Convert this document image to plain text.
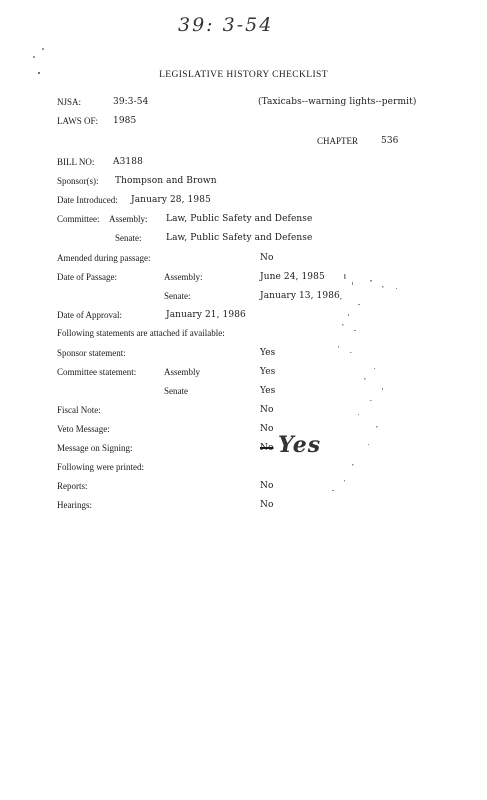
39: 3-54
LEGISLATIVE HISTORY CHECKLIST
NJSA:	39:3-54	(Taxicabs--warning lights--permit)
LAWS OF: 1985
CHAPTER	536
BILL NO: A3188
Sponsor(s): Thompson and Brown
Date Introduced: January 28, 1985
Committee: Assembly: Law, Public Safety and Defense
Senate:	Law, Public Safety and Defense
Amended during passage:	No
Date of Passage:	Assembly:	June 24, 1985
Senate:	January 13, 1986
Date of Approval:	January 21, 1986
Following statements are attached if available:
Sponsor statement:	Yes
Committee statement:	Assembly	Yes
Senate	Yes
Fiscal Note:	No
Veto Message:	No
Message on Signing:	No Yes
Following were printed:
Reports:	No
Hearings:	No
